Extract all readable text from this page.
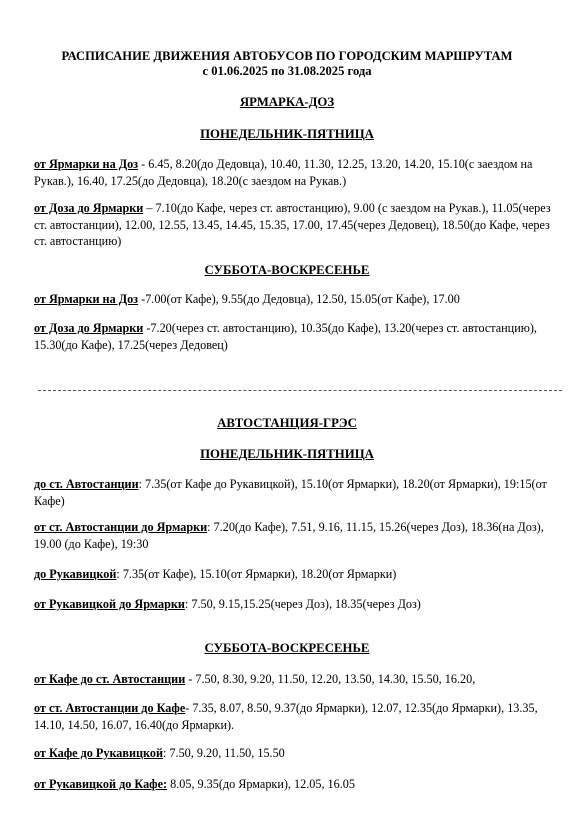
РАСПИСАНИЕ ДВИЖЕНИЯ АВТОБУСОВ ПО ГОРОДСКИМ МАРШРУТАМ
с 01.06.2025 по 31.08.2025 года
ЯРМАРКА-ДОЗ
ПОНЕДЕЛЬНИК-ПЯТНИЦА
от Ярмарки на Доз - 6.45, 8.20(до Дедовца), 10.40, 11.30, 12.25, 13.20, 14.20, 15.10(с заездом на Рукав.), 16.40, 17.25(до Дедовца), 18.20(с заездом на Рукав.)
от Доза до Ярмарки – 7.10(до Кафе, через ст. автостанцию), 9.00 (с заездом на Рукав.), 11.05(через ст. автостанции), 12.00, 12.55, 13.45, 14.45, 15.35, 17.00, 17.45(через Дедовец), 18.50(до Кафе, через ст. автостанцию)
СУББОТА-ВОСКРЕСЕНЬЕ
от Ярмарки на Доз -7.00(от Кафе), 9.55(до Дедовца), 12.50, 15.05(от Кафе), 17.00
от Доза до Ярмарки -7.20(через ст. автостанцию), 10.35(до Кафе), 13.20(через ст. автостанцию), 15.30(до Кафе), 17.25(через Дедовец)
АВТОСТАНЦИЯ-ГРЭС
ПОНЕДЕЛЬНИК-ПЯТНИЦА
до ст. Автостанции: 7.35(от Кафе до Рукавицкой), 15.10(от Ярмарки), 18.20(от Ярмарки), 19:15(от Кафе)
от ст. Автостанции до Ярмарки: 7.20(до Кафе), 7.51, 9.16, 11.15, 15.26(через Доз), 18.36(на Доз), 19.00 (до Кафе), 19:30
до Рукавицкой: 7.35(от Кафе), 15.10(от Ярмарки), 18.20(от Ярмарки)
от Рукавицкой до Ярмарки: 7.50, 9.15,15.25(через Доз), 18.35(через Доз)
СУББОТА-ВОСКРЕСЕНЬЕ
от Кафе до ст. Автостанции - 7.50, 8.30, 9.20, 11.50, 12.20, 13.50, 14.30, 15.50, 16.20,
от ст. Автостанции до Кафе- 7.35, 8.07, 8.50, 9.37(до Ярмарки), 12.07, 12.35(до Ярмарки), 13.35, 14.10, 14.50, 16.07, 16.40(до Ярмарки).
от Кафе до Рукавицкой: 7.50, 9.20, 11.50, 15.50
от Рукавицкой до Кафе: 8.05, 9.35(до Ярмарки), 12.05, 16.05
